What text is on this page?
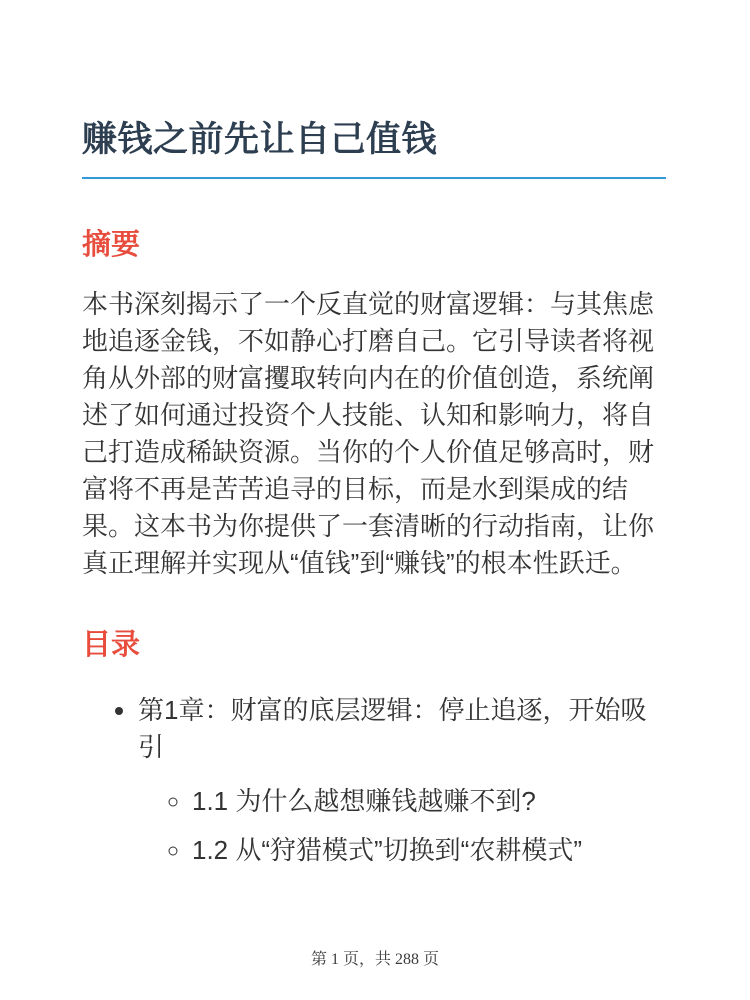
赚钱之前先让自己值钱
摘要

本书深刻揭示了一个反直觉的财富逻辑：与其焦虑地追逐金钱，不如静心打磨自己。它引导读者将视角从外部的财富攫取转向内在的价值创造，系统阐述了如何通过投资个人技能、认知和影响力，将自己打造成稀缺资源。当你的个人价值足够高时，财富将不再是苦苦追寻的目标，而是水到渠成的结果。这本书为你提供了一套清晰的行动指南，让你真正理解并实现从“值钱”到“赚钱”的根本性跃迁。

目录
• 第1章：财富的底层逻辑：停止追逐，开始吸引
◦ 1.1 为什么越想赚钱越赚不到?
◦ 1.2 从“狩猎模式”切换到“农耕模式”
第 1 页，共 288 页
